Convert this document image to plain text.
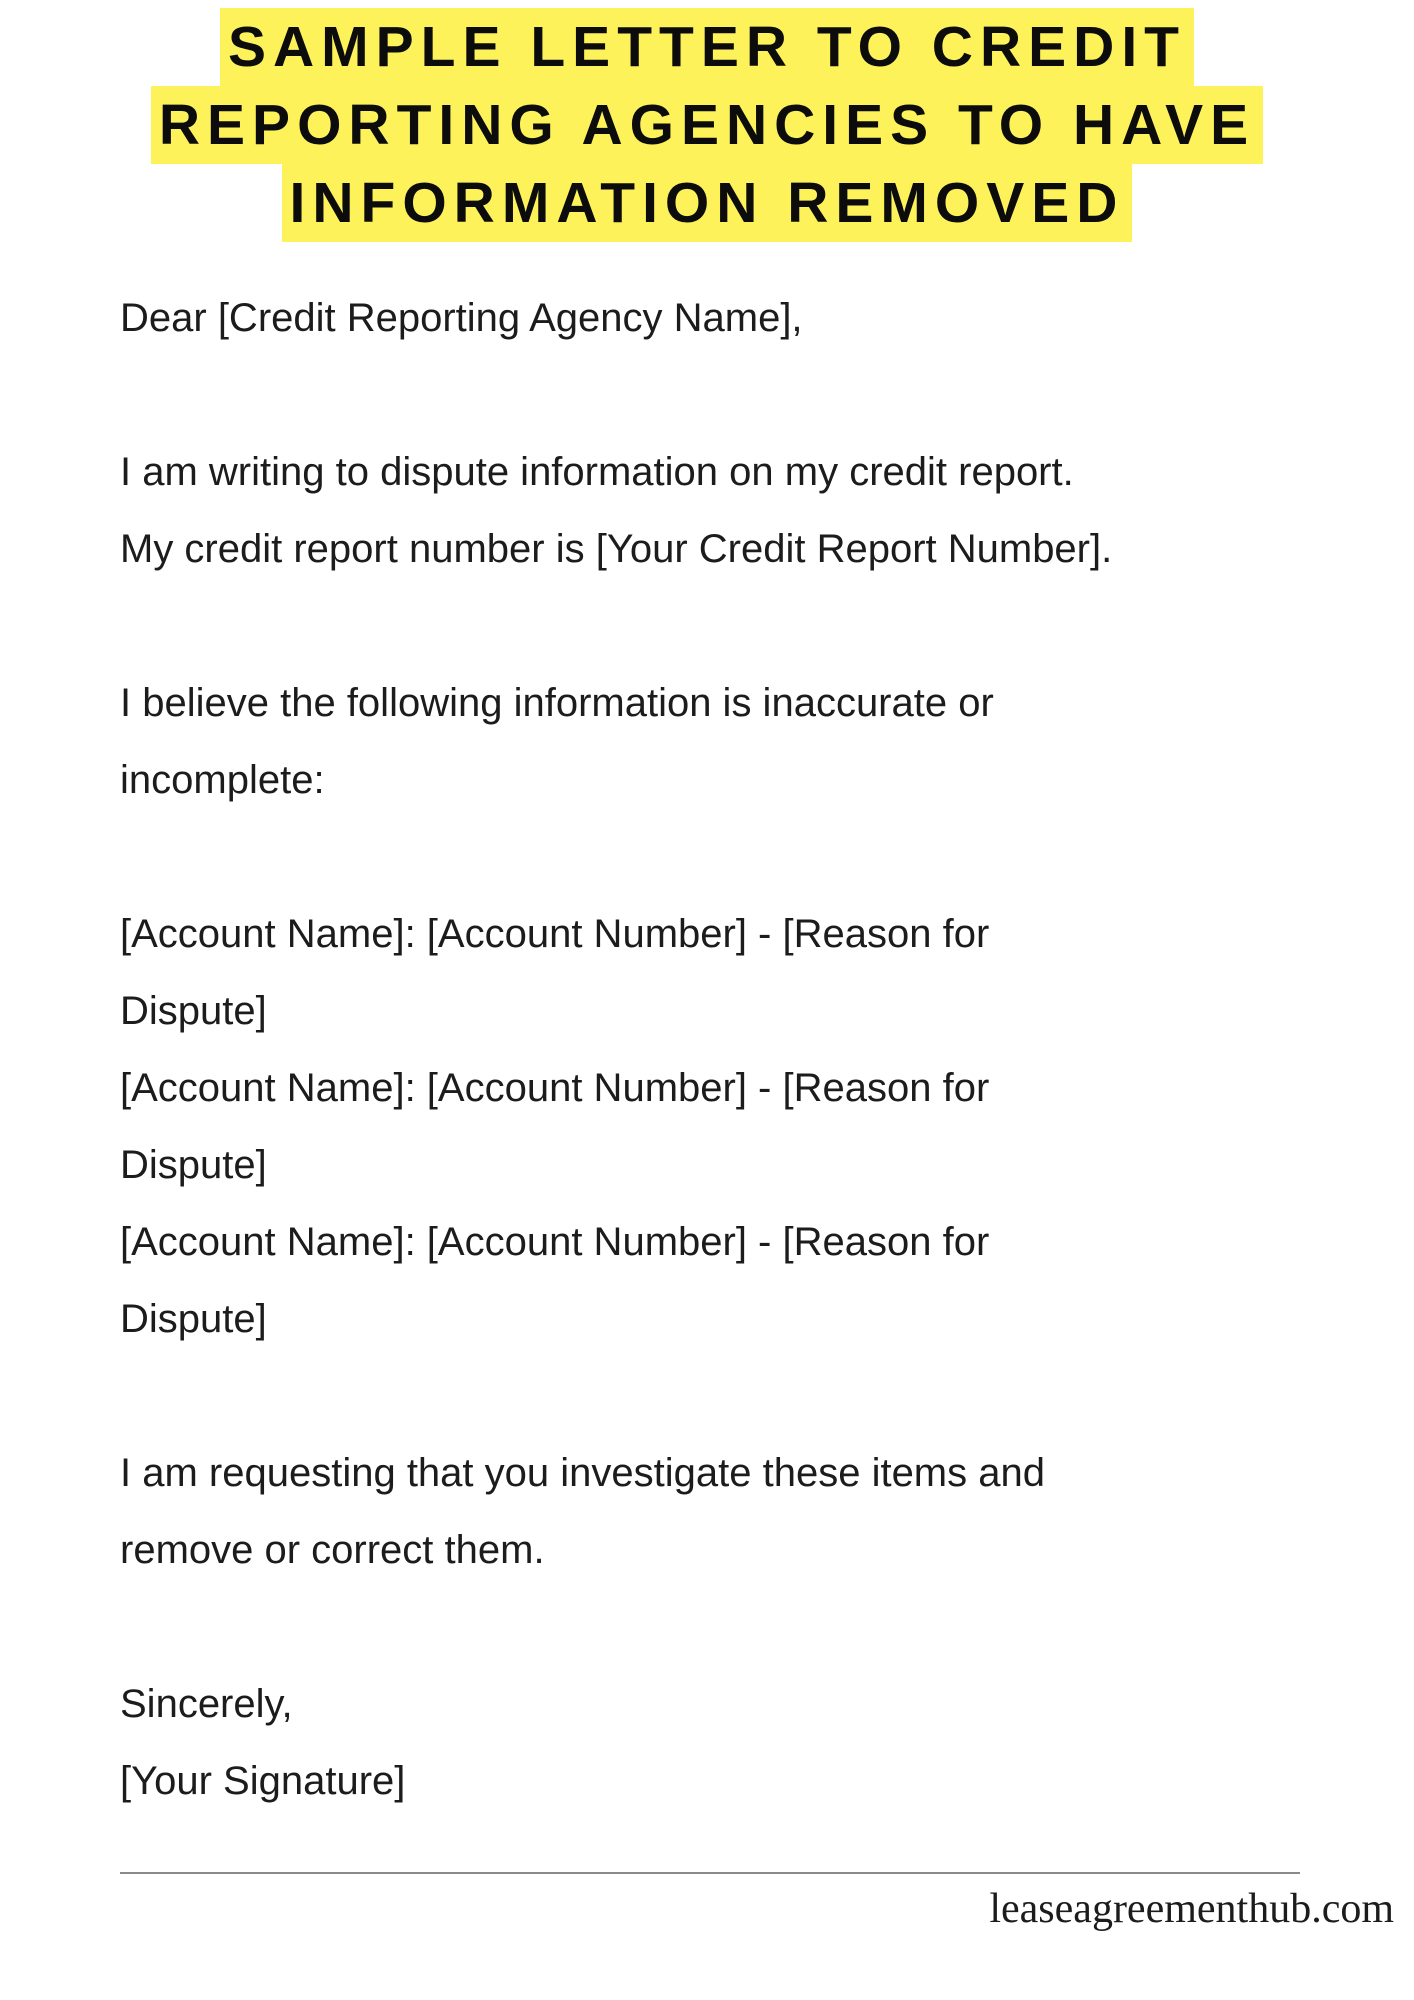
SAMPLE LETTER TO CREDIT
REPORTING AGENCIES TO HAVE
INFORMATION REMOVED
Dear [Credit Reporting Agency Name],
I am writing to dispute information on my credit report.
My credit report number is [Your Credit Report Number].
I believe the following information is inaccurate or
incomplete:
[Account Name]: [Account Number] - [Reason for
Dispute]
[Account Name]: [Account Number] - [Reason for
Dispute]
[Account Name]: [Account Number] - [Reason for
Dispute]
I am requesting that you investigate these items and
remove or correct them.
Sincerely,
[Your Signature]
leaseagreementhub.com
